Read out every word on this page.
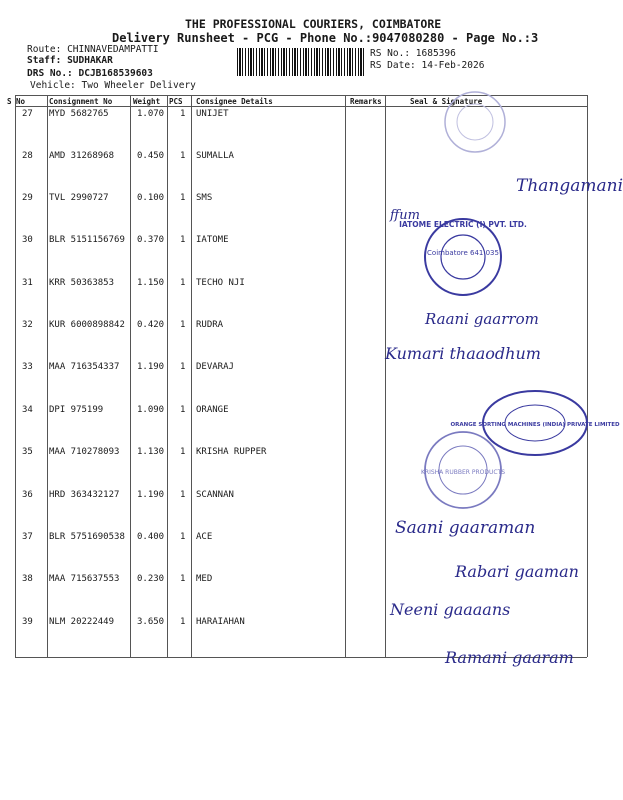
THE PROFESSIONAL COURIERS, COIMBATORE
Delivery Runsheet - PCG - Phone No.:9047080280 - Page No.:3
Route: CHINNAVEDAMPATTI
Staff: SUDHAKAR
DRS No.: DCJB168539603
Vehicle: Two Wheeler Delivery
RS No.: 1685396
RS Date: 14-Feb-2026
S No	Consignment No	Weight PCS Consignee Details	Remarks	Seal & Signature
27 MYD 5682765	1.070 1 UNIJET
28 AMD 31268968	0.450 1 SUMALLA
29 TVL 2990727	0.100 1 SMS
30 BLR 5151156769 0.370 1 IATOME
31 KRR 50363853	1.150 1 TECHO NJI
32 KUR 6000898842 0.420 1 RUDRA
33 MAA 716354337 1.190 1 DEVARAJ
34 DPI 975199	1.090 1 ORANGE
35 MAA 710278093 1.130 1 KRISHA RUPPER
36 HRD 363432127 1.190 1 SCANNAN
37 BLR 5751690538 0.400 1 ACE
38 MAA 715637553 0.230 1 MED
39 NLM 20222449	3.650 1 HARAIAHAN
Coimbatore 641 035
IATOME ELECTRIC (I) PVT. LTD.
ORANGE SORTING MACHINES (INDIA) PRIVATE LIMITED
KRISHA RUBBER PRODUCTS
Thangamani
ffum
Raani gaarrom
Kumari thaaodhum
Saani gaaraman
Rabari gaaman
Neeni gaaaans
Ramani gaaram
